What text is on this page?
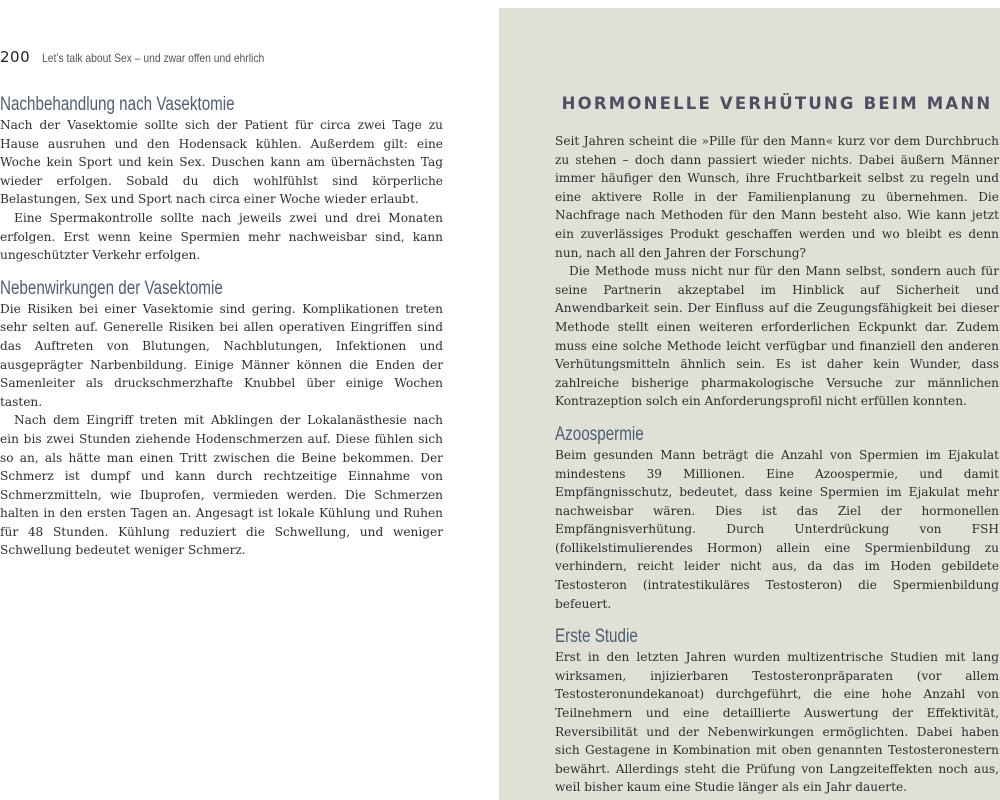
200 Let’s talk about Sex – und zwar offen und ehrlich
Nachbehandlung nach Vasektomie

Nach der Vasektomie sollte sich der Patient für circa zwei Tage zu Hause ausruhen und den Hodensack kühlen. Außerdem gilt: eine Woche kein Sport und kein Sex. Duschen kann am übernächsten Tag wieder erfolgen. Sobald du dich wohlfühlst sind körperliche Belastungen, Sex und Sport nach circa einer Woche wieder erlaubt.

Eine Spermakontrolle sollte nach jeweils zwei und drei Monaten erfolgen. Erst wenn keine Spermien mehr nachweisbar sind, kann ungeschützter Verkehr erfolgen.

Nebenwirkungen der Vasektomie

Die Risiken bei einer Vasektomie sind gering. Komplikationen treten sehr selten auf. Generelle Risiken bei allen operativen Eingriffen sind das Auftreten von Blutungen, Nachblutungen, Infektionen und ausgeprägter Narbenbildung. Einige Männer können die Enden der Samenleiter als druckschmerzhafte Knubbel über einige Wochen tasten.

Nach dem Eingriff treten mit Abklingen der Lokalanästhesie nach ein bis zwei Stunden ziehende Hodenschmerzen auf. Diese fühlen sich so an, als hätte man einen Tritt zwischen die Beine bekommen. Der Schmerz ist dumpf und kann durch rechtzeitige Einnahme von Schmerzmitteln, wie Ibuprofen, vermieden werden. Die Schmerzen halten in den ersten Tagen an. Angesagt ist lokale Kühlung und Ruhen für 48 Stunden. Kühlung reduziert die Schwellung, und weniger Schwellung bedeutet weniger Schmerz.

HORMONELLE VERHÜTUNG BEIM MANN

Seit Jahren scheint die »Pille für den Mann« kurz vor dem Durchbruch zu stehen – doch dann passiert wieder nichts. Dabei äußern Männer immer häufiger den Wunsch, ihre Fruchtbarkeit selbst zu regeln und eine aktivere Rolle in der Familienplanung zu übernehmen. Die Nachfrage nach Methoden für den Mann besteht also. Wie kann jetzt ein zuverlässiges Produkt geschaffen werden und wo bleibt es denn nun, nach all den Jahren der Forschung?

Die Methode muss nicht nur für den Mann selbst, sondern auch für seine Partnerin akzeptabel im Hinblick auf Sicherheit und Anwendbarkeit sein. Der Einfluss auf die Zeugungsfähigkeit bei dieser Methode stellt einen weiteren erforderlichen Eckpunkt dar. Zudem muss eine solche Methode leicht verfügbar und finanziell den anderen Verhütungsmitteln ähnlich sein. Es ist daher kein Wunder, dass zahlreiche bisherige pharmakologische Versuche zur männlichen Kontrazeption solch ein Anforderungsprofil nicht erfüllen konnten.

Azoospermie

Beim gesunden Mann beträgt die Anzahl von Spermien im Ejakulat mindestens 39 Millionen. Eine Azoospermie, und damit Empfängnisschutz, bedeutet, dass keine Spermien im Ejakulat mehr nachweisbar wären. Dies ist das Ziel der hormonellen Empfängnisverhütung. Durch Unterdrückung von FSH (follikelstimulierendes Hormon) allein eine Spermienbildung zu verhindern, reicht leider nicht aus, da das im Hoden gebildete Testosteron (intratestikuläres Testosteron) die Spermienbildung befeuert.

Erste Studie

Erst in den letzten Jahren wurden multizentrische Studien mit lang wirksamen, injizierbaren Testosteronpräparaten (vor allem Testosteronundekanoat) durchgeführt, die eine hohe Anzahl von Teilnehmern und eine detaillierte Auswertung der Effektivität, Reversibilität und der Nebenwirkungen ermöglichten. Dabei haben sich Gestagene in Kombination mit oben genannten Testosteronestern bewährt. Allerdings steht die Prüfung von Langzeiteffekten noch aus, weil bisher kaum eine Studie länger als ein Jahr dauerte.
